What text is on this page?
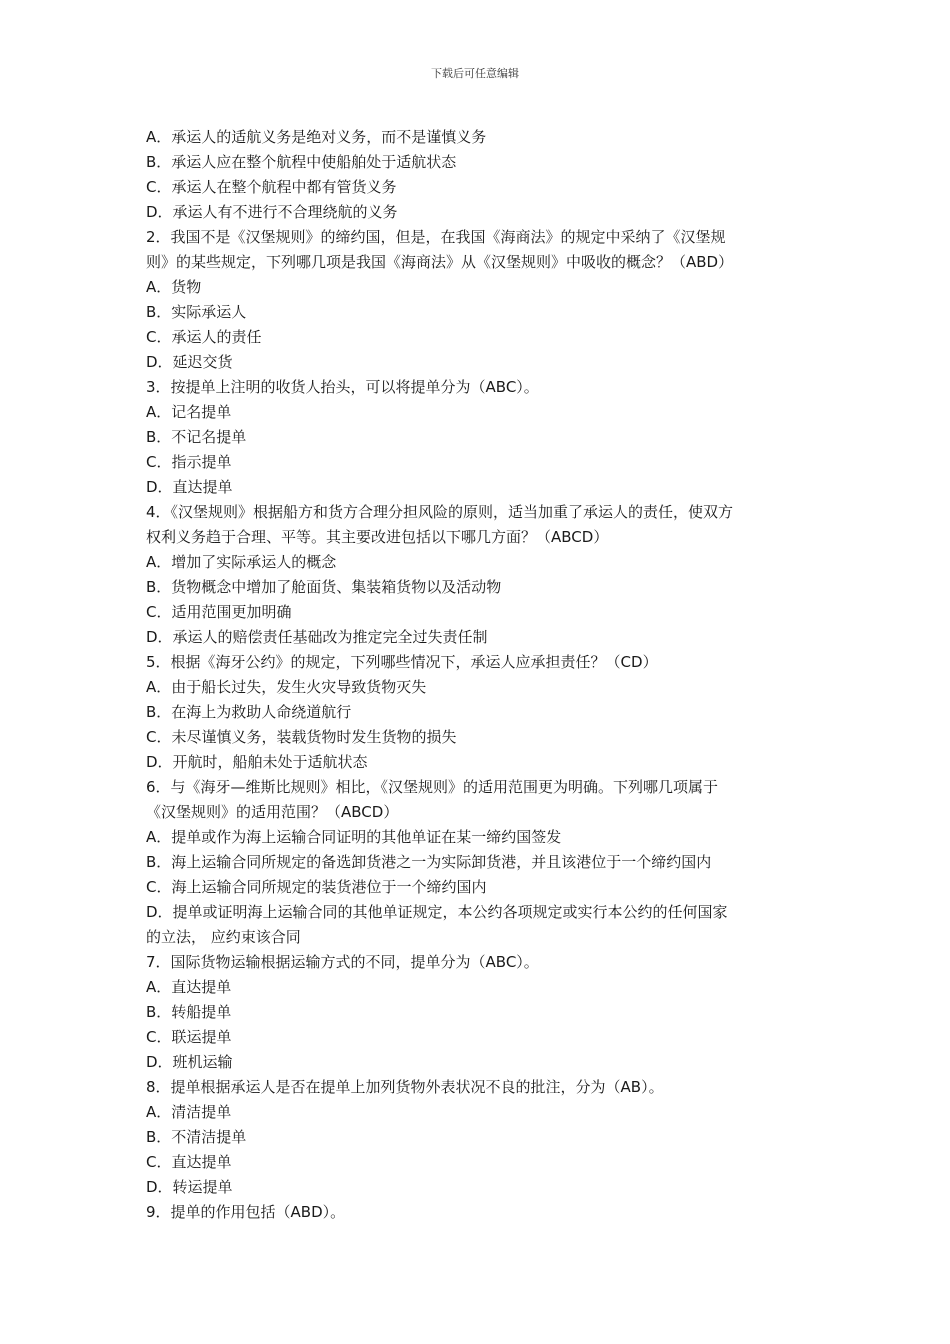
下载后可任意编辑
A．承运人的适航义务是绝对义务，而不是谨慎义务
B．承运人应在整个航程中使船舶处于适航状态
C．承运人在整个航程中都有管货义务
D．承运人有不进行不合理绕航的义务
2．我国不是《汉堡规则》的缔约国，但是，在我国《海商法》的规定中采纳了《汉堡规
则》的某些规定，下列哪几项是我国《海商法》从《汉堡规则》中吸收的概念？（ABD）
A．货物
B．实际承运人
C．承运人的责任
D．延迟交货
3．按提单上注明的收货人抬头，可以将提单分为（ABC）。
A．记名提单
B．不记名提单
C．指示提单
D．直达提单
4．《汉堡规则》根据船方和货方合理分担风险的原则，适当加重了承运人的责任，使双方
权利义务趋于合理、平等。其主要改进包括以下哪几方面？（ABCD）
A．增加了实际承运人的概念
B．货物概念中增加了舱面货、集装箱货物以及活动物
C．适用范围更加明确
D．承运人的赔偿责任基础改为推定完全过失责任制
5．根据《海牙公约》的规定，下列哪些情况下，承运人应承担责任？（CD）
A．由于船长过失，发生火灾导致货物灭失
B．在海上为救助人命绕道航行
C．未尽谨慎义务，装载货物时发生货物的损失
D．开航时，船舶未处于适航状态
6．与《海牙—维斯比规则》相比，《汉堡规则》的适用范围更为明确。下列哪几项属于
《汉堡规则》的适用范围？（ABCD）
A．提单或作为海上运输合同证明的其他单证在某一缔约国签发
B．海上运输合同所规定的备选卸货港之一为实际卸货港，并且该港位于一个缔约国内
C．海上运输合同所规定的装货港位于一个缔约国内
D．提单或证明海上运输合同的其他单证规定，本公约各项规定或实行本公约的任何国家
的立法， 应约束该合同
7．国际货物运输根据运输方式的不同，提单分为（ABC）。
A．直达提单
B．转船提单
C．联运提单
D．班机运输
8．提单根据承运人是否在提单上加列货物外表状况不良的批注，分为（AB）。
A．清洁提单
B．不清洁提单
C．直达提单
D．转运提单
9．提单的作用包括（ABD）。
